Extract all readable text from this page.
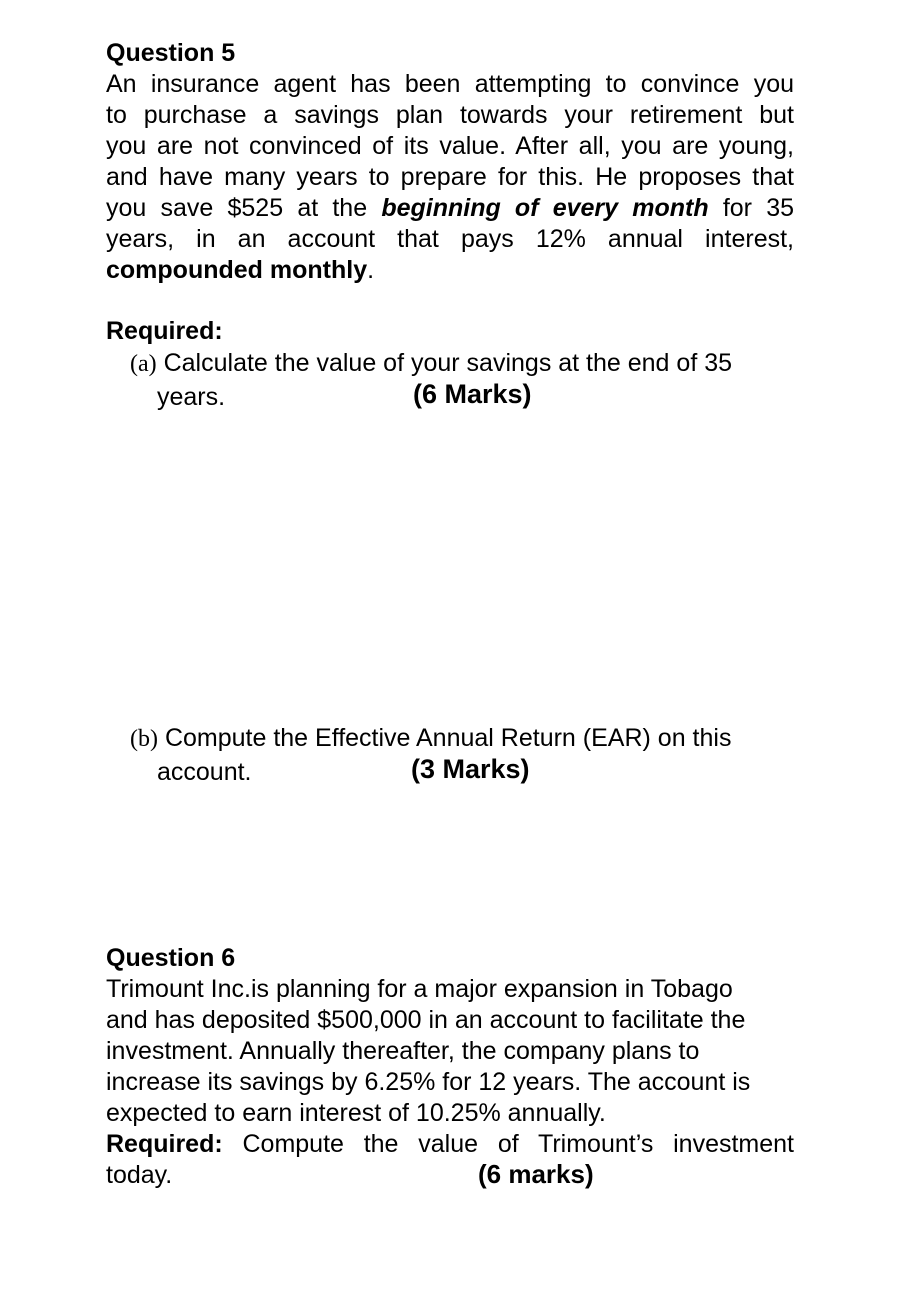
Question 5
An insurance agent has been attempting to convince you
to purchase a savings plan towards your retirement but
you are not convinced of its value. After all, you are young,
and have many years to prepare for this. He proposes that
you save $525 at the beginning of every month for 35
years, in an account that pays 12% annual interest,
compounded monthly.
Required:
(a) Calculate the value of your savings at the end of 35
years.	(6 Marks)
(b) Compute the Effective Annual Return (EAR) on this
account.	(3 Marks)
Question 6
Trimount Inc.is planning for a major expansion in Tobago
and has deposited $500,000 in an account to facilitate the
investment. Annually thereafter, the company plans to
increase its savings by 6.25% for 12 years. The account is
expected to earn interest of 10.25% annually.
Required: Compute the value of Trimount’s investment
today.	(6 marks)
